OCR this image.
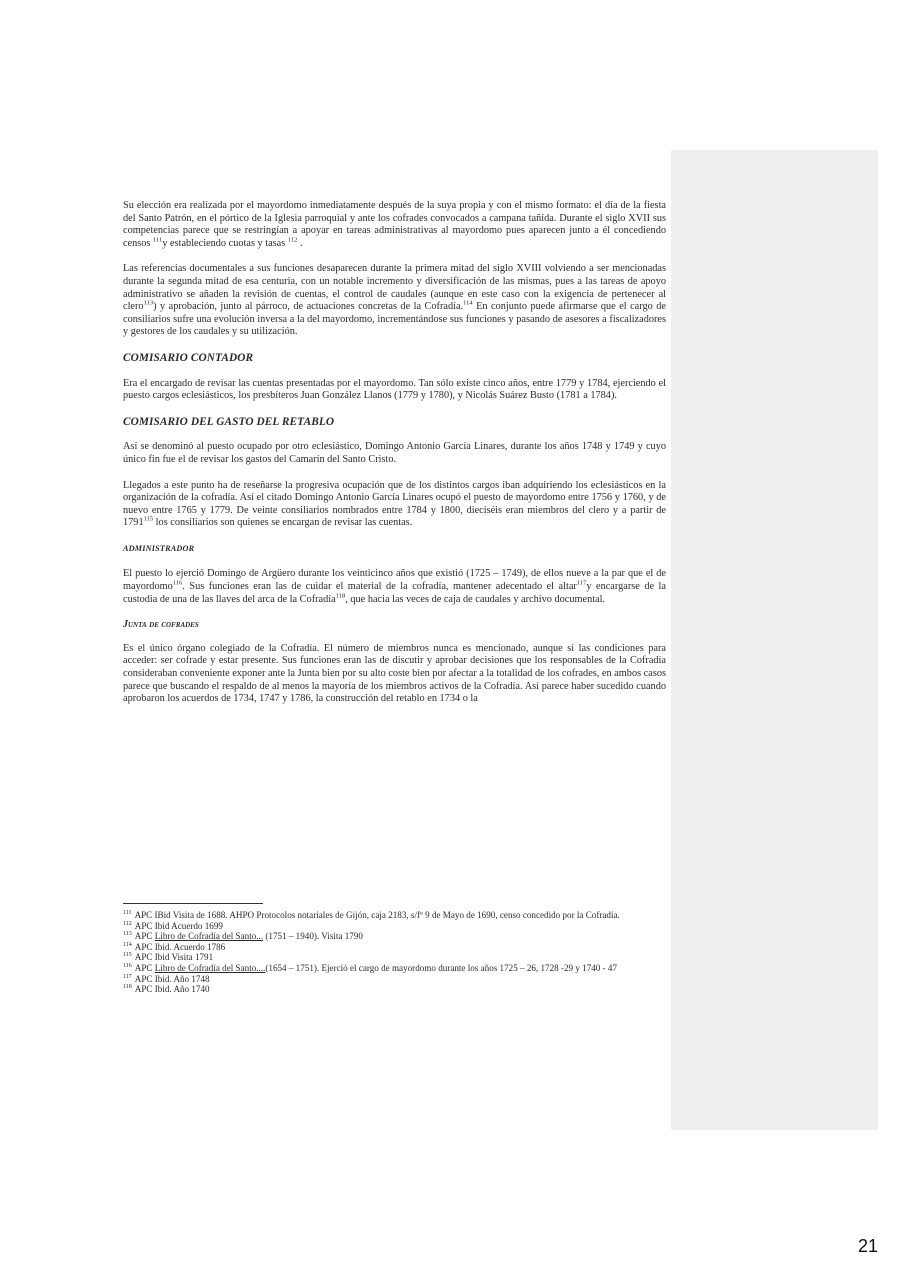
Su elección era realizada por el mayordomo inmediatamente después de la suya propia y con el mismo formato: el día de la fiesta del Santo Patrón, en el pórtico de la Iglesia parroquial y ante los cofrades convocados a campana tañida. Durante el siglo XVII sus competencias parece que se restringían a apoyar en tareas administrativas al mayordomo pues aparecen junto a él concediendo censos $^{111}$y estableciendo cuotas y tasas $^{112}$ .

Las referencias documentales a sus funciones desaparecen durante la primera mitad del siglo XVIII volviendo a ser mencionadas durante la segunda mitad de esa centuria, con un notable incremento y diversificación de las mismas, pues a las tareas de apoyo administrativo se añaden la revisión de cuentas, el control de caudales (aunque en este caso con la exigencia de pertenecer al clero$^{113}$) y aprobación, junto al párroco, de actuaciones concretas de la Cofradía.$^{114}$ En conjunto puede afirmarse que el cargo de consiliarios sufre una evolución inversa a la del mayordomo, incrementándose sus funciones y pasando de asesores a fiscalizadores y gestores de los caudales y su utilización.

COMISARIO CONTADOR

Era el encargado de revisar las cuentas presentadas por el mayordomo. Tan sólo existe cinco años, entre 1779 y 1784, ejerciendo el puesto cargos eclesiásticos, los presbíteros Juan González Llanos (1779 y 1780), y Nicolás Suárez Busto (1781 a 1784).

COMISARIO DEL GASTO DEL RETABLO

Así se denominó al puesto ocupado por otro eclesiástico, Domingo Antonio García Linares, durante los años 1748 y 1749 y cuyo único fin fue el de revisar los gastos del Camarín del Santo Cristo.

Llegados a este punto ha de reseñarse la progresiva ocupación que de los distintos cargos iban adquiriendo los eclesiásticos en la organización de la cofradía. Así el citado Domingo Antonio García Linares ocupó el puesto de mayordomo entre 1756 y 1760, y de nuevo entre 1765 y 1779. De veinte consiliarios nombrados entre 1784 y 1800, dieciséis eran miembros del clero y a partir de 1791$^{115}$ los consiliarios son quienes se encargan de revisar las cuentas.

ADMINISTRADOR

El puesto lo ejerció Domingo de Argüero durante los veinticinco años que existió (1725 – 1749), de ellos nueve a la par que el de mayordomo$^{116}$. Sus funciones eran las de cuidar el material de la cofradía, mantener adecentado el altar$^{117}$y encargarse de la custodia de una de las llaves del arca de la Cofradía$^{118}$, que hacia las veces de caja de caudales y archivo documental.

Junta de cofrades

Es el único órgano colegiado de la Cofradía. El número de miembros nunca es mencionado, aunque si las condiciones para acceder: ser cofrade y estar presente. Sus funciones eran las de discutir y aprobar decisiones que los responsables de la Cofradía consideraban conveniente exponer ante la Junta bien por su alto coste bien por afectar a la totalidad de los cofrades, en ambos casos parece que buscando el respaldo de al menos la mayoría de los miembros activos de la Cofradía. Así parece haber sucedido cuando aprobaron los acuerdos de 1734, 1747 y 1786, la construcción del retablo en 1734 o la

$^{111}$ APC IBid Visita de 1688. AHPO Protocolos notariales de Gijón, caja 2183, s/fº 9 de Mayo de 1690, censo concedido por la Cofradía.

$^{112}$ APC Ibid Acuerdo 1699

$^{113}$ APC Libro de Cofradía del Santo... (1751 – 1940). Visita 1790

$^{114}$ APC Ibid. Acuerdo 1786

$^{115}$ APC Ibid Visita 1791

$^{116}$ APC Libro de Cofradía del Santo....(1654 – 1751). Ejerció el cargo de mayordomo durante los años 1725 – 26, 1728 -29 y 1740 - 47

$^{117}$ APC Ibid. Año 1748

$^{118}$ APC Ibid. Año 1740

21
